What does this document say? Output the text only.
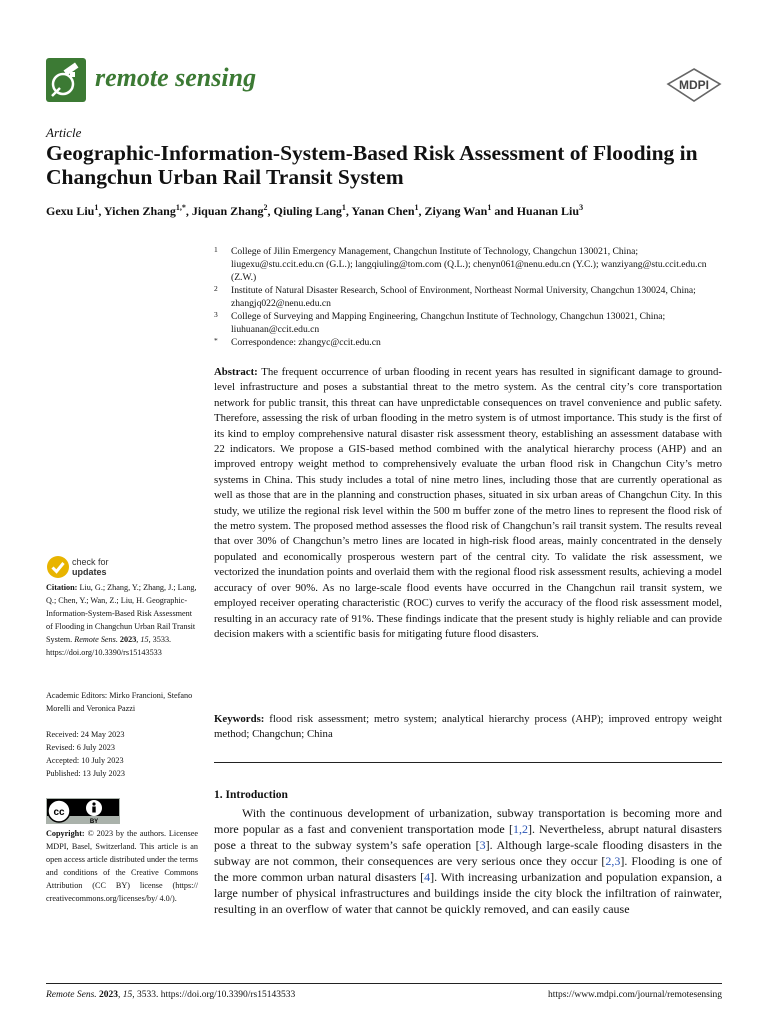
remote sensing	MDPI
Article
Geographic-Information-System-Based Risk Assessment of Flooding in Changchun Urban Rail Transit System
Gexu Liu$^1$, Yichen Zhang$^{1,*}$, Jiquan Zhang$^2$, Qiuling Lang$^1$, Yanan Chen$^1$, Ziyang Wan$^1$ and Huanan Liu$^3$
1 College of Jilin Emergency Management, Changchun Institute of Technology, Changchun 130021, China; liugexu@stu.ccit.edu.cn (G.L.); langqiuling@tom.com (Q.L.); chenyn061@nenu.edu.cn (Y.C.); wanziyang@stu.ccit.edu.cn (Z.W.)
2 Institute of Natural Disaster Research, School of Environment, Northeast Normal University, Changchun 130024, China; zhangjq022@nenu.edu.cn
3 College of Surveying and Mapping Engineering, Changchun Institute of Technology, Changchun 130021, China; liuhuanan@ccit.edu.cn
* Correspondence: zhangyc@ccit.edu.cn
Abstract: The frequent occurrence of urban flooding in recent years has resulted in significant damage to ground-level infrastructure and poses a substantial threat to the metro system. As the central city’s core transportation network for public transit, this threat can have unpredictable consequences on travel convenience and public safety. Therefore, assessing the risk of urban flooding in the metro system is of utmost importance. This study is the first of its kind to employ comprehensive natural disaster risk assessment theory, establishing an assessment database with 22 indicators. We propose a GIS-based method combined with the analytical hierarchy process (AHP) and an improved entropy weight method to comprehensively evaluate the urban flood risk in Changchun City’s metro systems in China. This study includes a total of nine metro lines, including those that are currently operational as well as those that are in the planning and construction phases, situated in six urban areas of Changchun City. In this study, we utilize the regional risk level within the 500 m buffer zone of the metro lines to represent the flood risk of the metro system. The proposed method assesses the flood risk of Changchun’s rail transit system. The results reveal that over 30% of Changchun’s metro lines are located in high-risk flood areas, mainly concentrated in the densely populated and economically prosperous western part of the central city. To validate the risk assessment, we vectorized the inundation points and overlaid them with the regional flood risk assessment results, achieving a model accuracy of over 90%. As no large-scale flood events have occurred in the Changchun rail transit system, we employed receiver operating characteristic (ROC) curves to verify the accuracy of the flood risk assessment model, resulting in an accuracy rate of 91%. These findings indicate that the present study is highly reliable and can provide decision makers with a scientific basis for mitigating future flood disasters.
Keywords: flood risk assessment; metro system; analytical hierarchy process (AHP); improved entropy weight method; Changchun; China
1. Introduction
With the continuous development of urbanization, subway transportation is becoming more and more popular as a fast and convenient transportation mode [1,2]. Nevertheless, abrupt natural disasters pose a threat to the subway system’s safe operation [3]. Although large-scale flooding disasters in the subway are not common, their consequences are very serious once they occur [2,3]. Flooding is one of the more common urban natural disasters [4]. With increasing urbanization and population expansion, a large number of physical infrastructures and buildings inside the city block the infiltration of rainwater, resulting in an overflow of water that cannot be quickly removed, and can easily cause
check for
updates
Citation: Liu, G.; Zhang, Y.; Zhang, J.; Lang, Q.; Chen, Y.; Wan, Z.; Liu, H. Geographic-Information-System-Based Risk Assessment of Flooding in Changchun Urban Rail Transit System. Remote Sens. 2023, 15, 3533. https://doi.org/10.3390/rs15143533
Academic Editors: Mirko Francioni, Stefano Morelli and Veronica Pazzi
Received: 24 May 2023
Revised: 6 July 2023
Accepted: 10 July 2023
Published: 13 July 2023
cc
BY
Copyright: © 2023 by the authors. Licensee MDPI, Basel, Switzerland. This article is an open access article distributed under the terms and conditions of the Creative Commons Attribution (CC BY) license (https:// creativecommons.org/licenses/by/ 4.0/).
Remote Sens. 2023, 15, 3533. https://doi.org/10.3390/rs15143533	https://www.mdpi.com/journal/remotesensing
